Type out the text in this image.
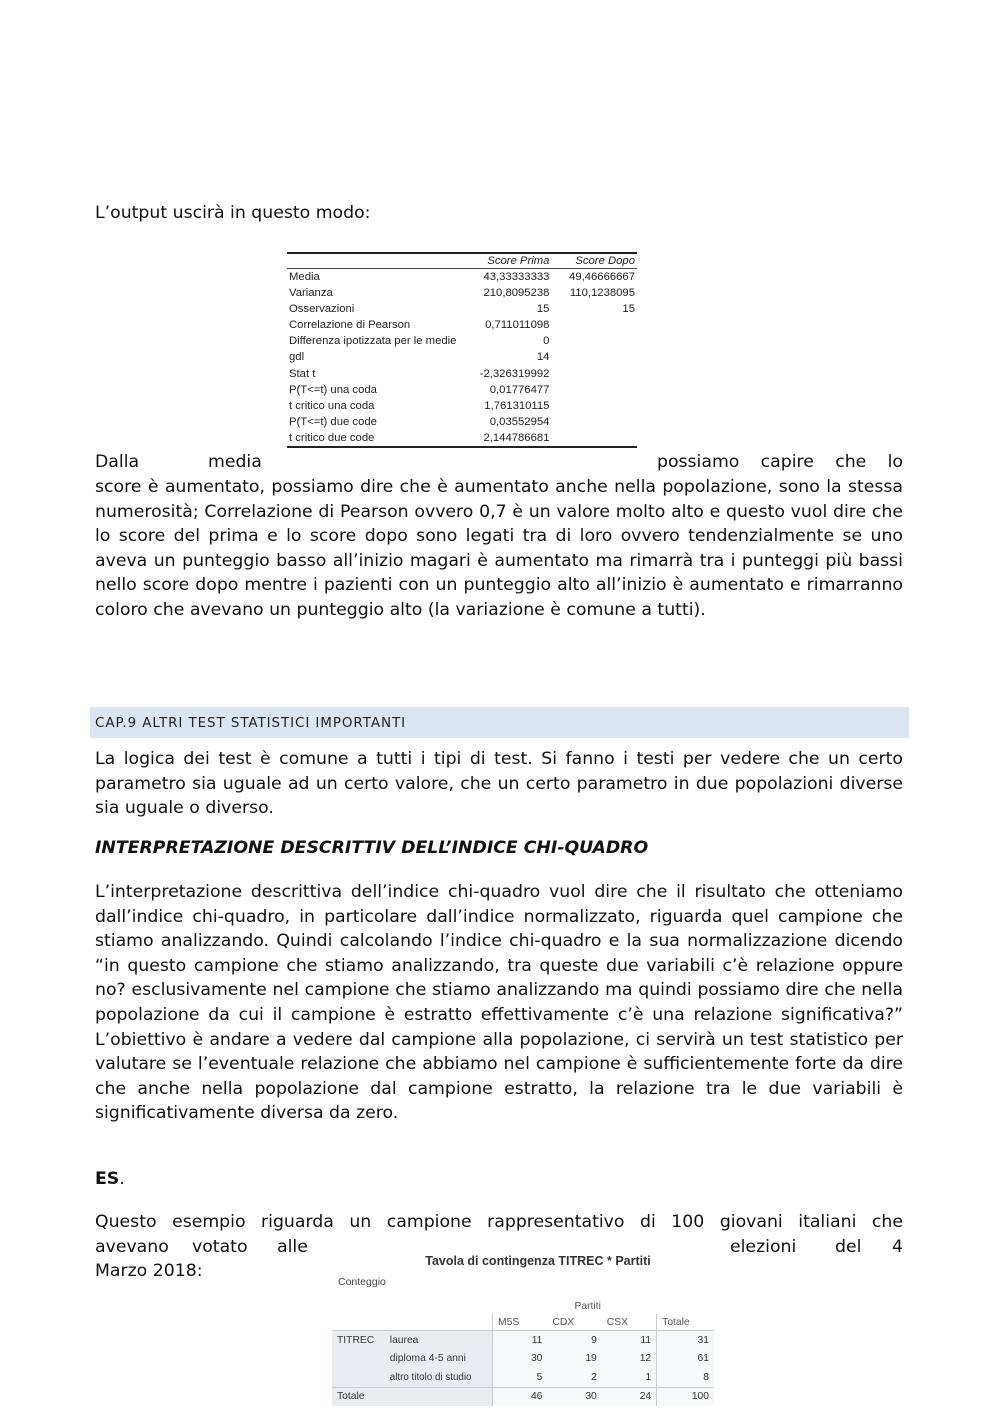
L’output uscirà in questo modo:

	Score Prima	Score Dopo
Media	43,33333333	49,46666667
Varianza	210,8095238	110,1238095
Osservazioni	15	15
Correlazione di Pearson	0,711011098	
Differenza ipotizzata per le medie	0	
gdl	14	
Stat t	-2,326319992	
P(T<=t) una coda	0,01776477	
t critico una coda	1,761310115	
P(T<=t) due code	0,03552954	
t critico due code	2,144786681	
Dalla	media	possiamo capire che lo

score è aumentato, possiamo dire che è aumentato anche nella popolazione, sono la stessa numerosità; Correlazione di Pearson ovvero 0,7 è un valore molto alto e questo vuol dire che lo score del prima e lo score dopo sono legati tra di loro ovvero tendenzialmente se uno aveva un punteggio basso all’inizio magari è aumentato ma rimarrà tra i punteggi più bassi nello score dopo mentre i pazienti con un punteggio alto all’inizio è aumentato e rimarranno coloro che avevano un punteggio alto (la variazione è comune a tutti).

CAP.9 ALTRI TEST STATISTICI IMPORTANTI

La logica dei test è comune a tutti i tipi di test. Si fanno i testi per vedere che un certo parametro sia uguale ad un certo valore, che un certo parametro in due popolazioni diverse sia uguale o diverso.

INTERPRETAZIONE DESCRITTIV DELL’INDICE CHI-QUADRO

L’interpretazione descrittiva dell’indice chi-quadro vuol dire che il risultato che otteniamo dall’indice chi-quadro, in particolare dall’indice normalizzato, riguarda quel campione che stiamo analizzando. Quindi calcolando l’indice chi-quadro e la sua normalizzazione dicendo “in questo campione che stiamo analizzando, tra queste due variabili c’è relazione oppure no? esclusivamente nel campione che stiamo analizzando ma quindi possiamo dire che nella popolazione da cui il campione è estratto effettivamente c’è una relazione significativa?” L’obiettivo è andare a vedere dal campione alla popolazione, ci servirà un test statistico per valutare se l’eventuale relazione che abbiamo nel campione è sufficientemente forte da dire che anche nella popolazione dal campione estratto, la relazione tra le due variabili è significativamente diversa da zero.

ES.

Questo esempio riguarda un campione rappresentativo di 100 giovani italiani che

avevano votato alle	elezioni del 4
Marzo 2018:	Tavola di contingenza TITREC * Partiti
Conteggio
		Partiti			
		M5S	CDX	CSX	Totale
TITREC	laurea	11	9	11	31
	diploma 4-5 anni	30	19	12	61
	altro titolo di studio	5	2	1	8
Totale		46	30	24	100
